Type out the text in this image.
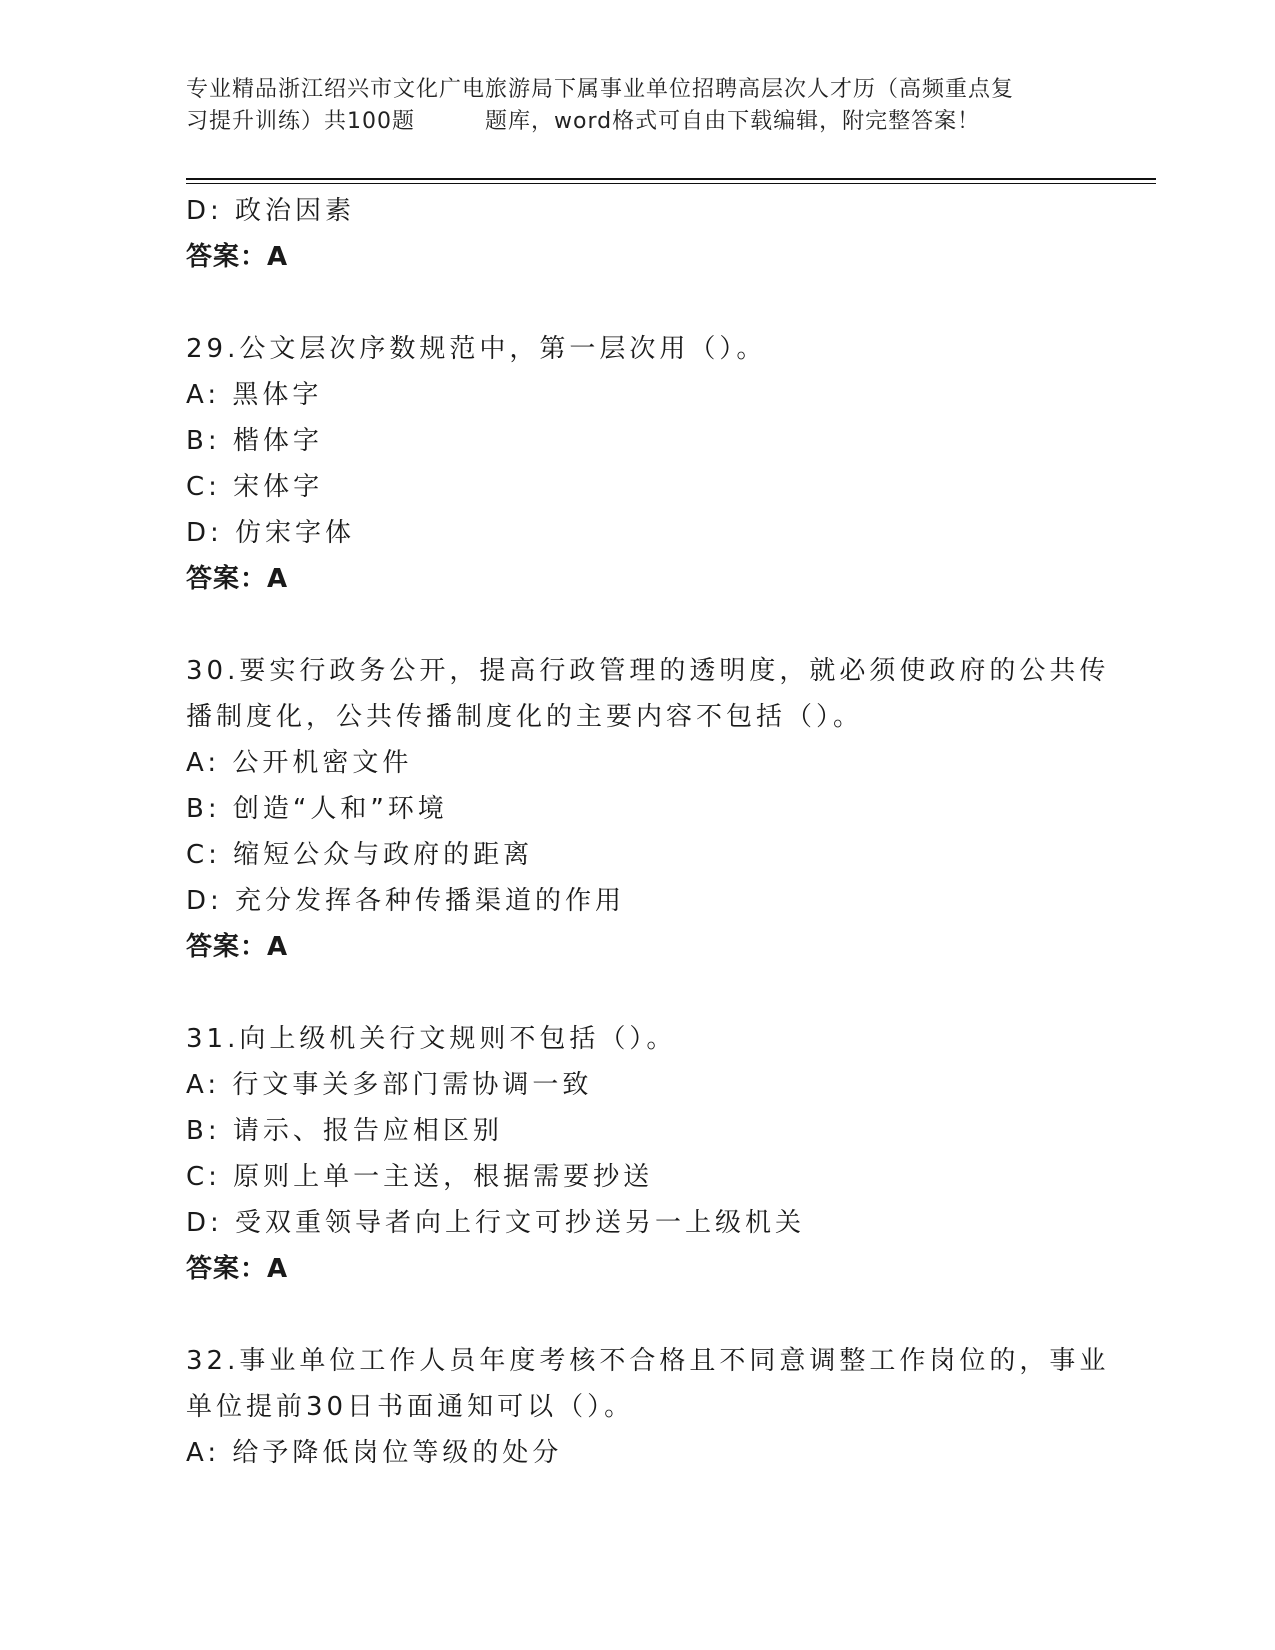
专业精品浙江绍兴市文化广电旅游局下属事业单位招聘高层次人才历（高频重点复
习提升训练）共100题	题库，word格式可自由下载编辑，附完整答案！
D: 政治因素
答案：A
29.公文层次序数规范中，第一层次用（）。
A: 黑体字
B: 楷体字
C: 宋体字
D: 仿宋字体
答案：A
30.要实行政务公开，提高行政管理的透明度，就必须使政府的公共传
播制度化，公共传播制度化的主要内容不包括（）。
A: 公开机密文件
B: 创造“人和”环境
C: 缩短公众与政府的距离
D: 充分发挥各种传播渠道的作用
答案：A
31.向上级机关行文规则不包括（）。
A: 行文事关多部门需协调一致
B: 请示、报告应相区别
C: 原则上单一主送，根据需要抄送
D: 受双重领导者向上行文可抄送另一上级机关
答案：A
32.事业单位工作人员年度考核不合格且不同意调整工作岗位的，事业
单位提前30日书面通知可以（）。
A: 给予降低岗位等级的处分
